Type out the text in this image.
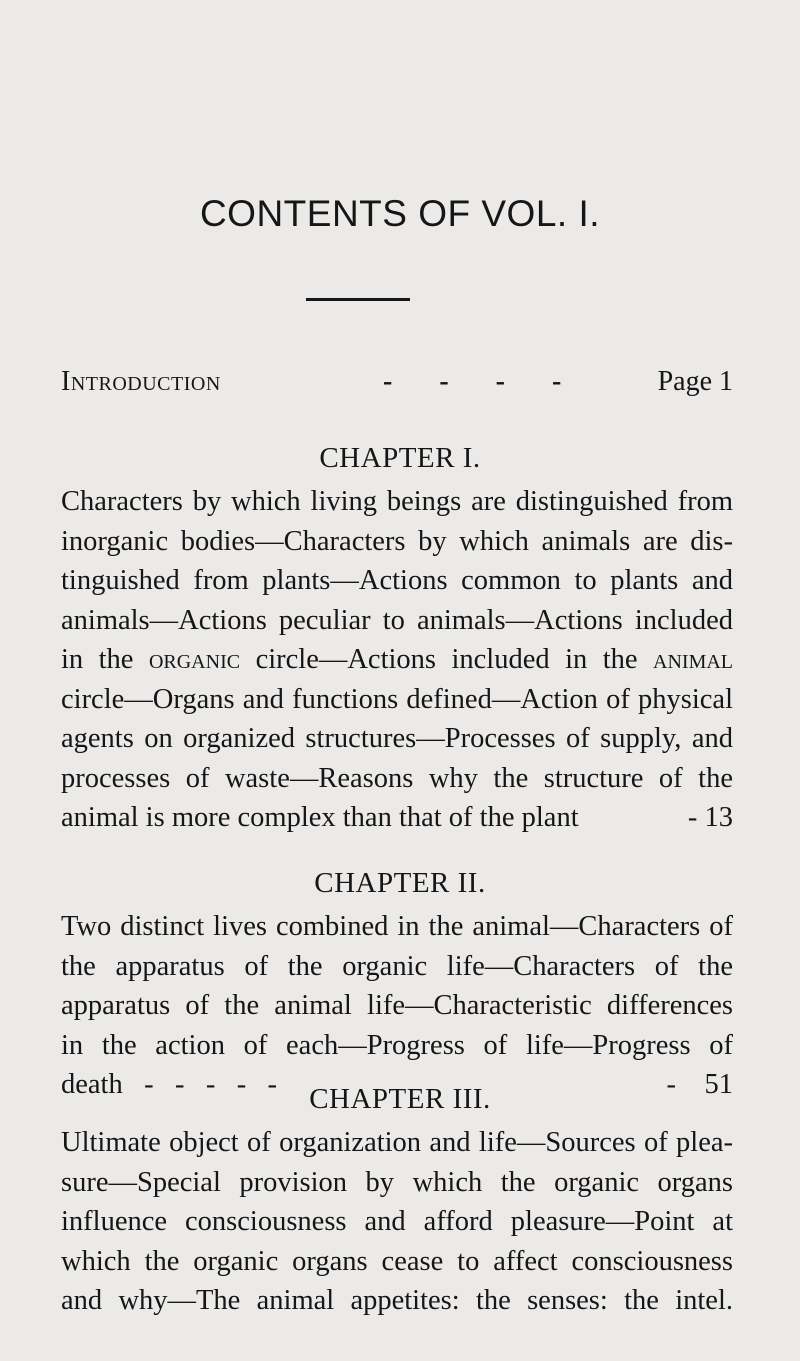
CONTENTS OF VOL. I.
Introduction	- - - -	Page 1
CHAPTER I.
Characters by which living beings are distinguished from
inorganic bodies—Characters by which animals are dis-
tinguished from plants—Actions common to plants and
animals—Actions peculiar to animals—Actions included
in the organic circle—Actions included in the animal
circle—Organs and functions defined—Action of physical
agents on organized structures—Processes of supply, and
processes of waste—Reasons why the structure of the
animal is more complex than that of the plant	- 13
CHAPTER II.
Two distinct lives combined in the animal—Characters of
the apparatus of the organic life—Characters of the
apparatus of the animal life—Characteristic differences
in the action of each—Progress of life—Progress of
death   -   -   -   -   -	-    51
CHAPTER III.
Ultimate object of organization and life—Sources of plea-
sure—Special provision by which the organic organs
influence consciousness and afford pleasure—Point at
which the organic organs cease to affect consciousness
and why—The animal appetites: the senses: the intel.
